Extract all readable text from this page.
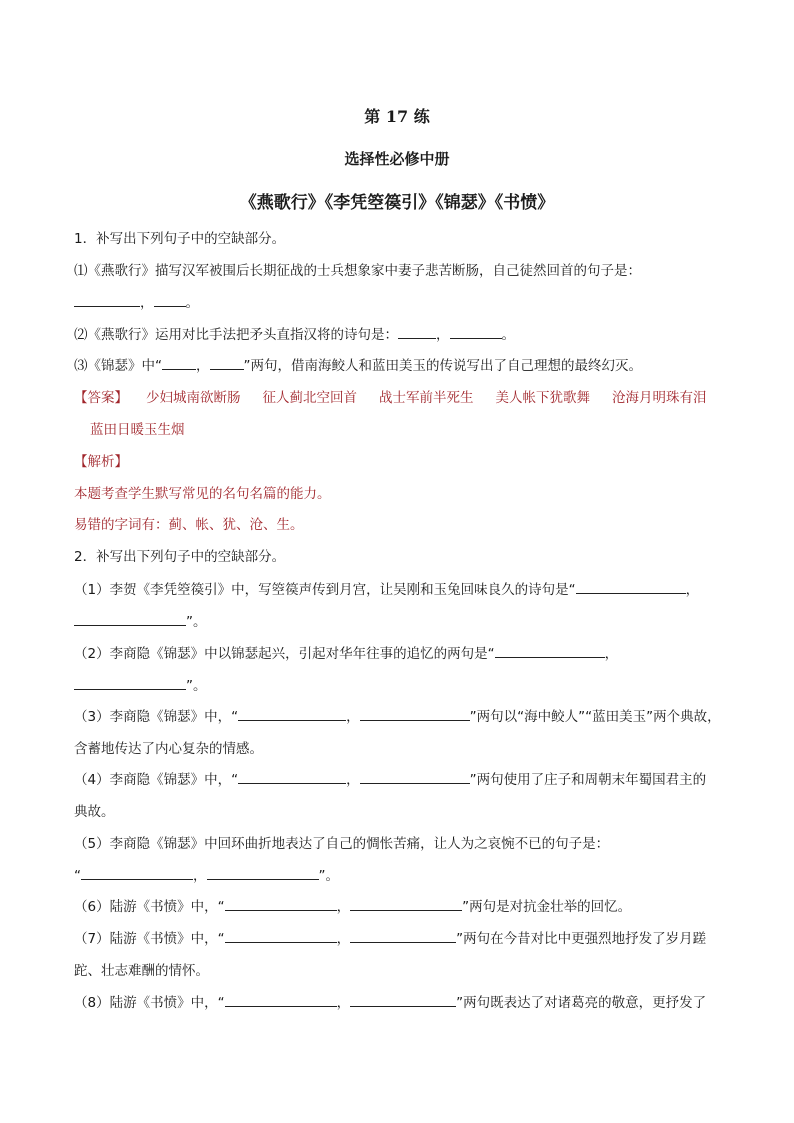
第 17 练
选择性必修中册
《燕歌行》《李凭箜篌引》《锦瑟》《书愤》
1．补写出下列句子中的空缺部分。
⑴《燕歌行》描写汉军被围后长期征战的士兵想象家中妻子悲苦断肠，自己徒然回首的句子是：
， 。
⑵《燕歌行》运用对比手法把矛头直指汉将的诗句是：	，	。
⑶《锦瑟》中“	，	”两句，借南海鲛人和蓝田美玉的传说写出了自己理想的最终幻灭。
【答案】 少妇城南欲断肠 征人蓟北空回首 战士军前半死生 美人帐下犹歌舞 沧海月明珠有泪
蓝田日暖玉生烟
【解析】
本题考查学生默写常见的名句名篇的能力。
易错的字词有：蓟、帐、犹、沧、生。
2．补写出下列句子中的空缺部分。
（1）李贺《李凭箜篌引》中，写箜篌声传到月宫，让吴刚和玉兔回味良久的诗句是“	，
”。
（2）李商隐《锦瑟》中以锦瑟起兴，引起对华年往事的追忆的两句是“	，
”。
（3）李商隐《锦瑟》中，“	，	”两句以“海中鲛人”“蓝田美玉”两个典故，
含蓄地传达了内心复杂的情感。
（4）李商隐《锦瑟》中，“	，	”两句使用了庄子和周朝末年蜀国君主的
典故。
（5）李商隐《锦瑟》中回环曲折地表达了自己的惆怅苦痛，让人为之哀惋不已的句子是：
“	，	”。
（6）陆游《书愤》中，“	，	”两句是对抗金壮举的回忆。
（7）陆游《书愤》中，“	，	”两句在今昔对比中更强烈地抒发了岁月蹉
跎、壮志难酬的情怀。
（8）陆游《书愤》中，“	，	”两句既表达了对诸葛亮的敬意，更抒发了
